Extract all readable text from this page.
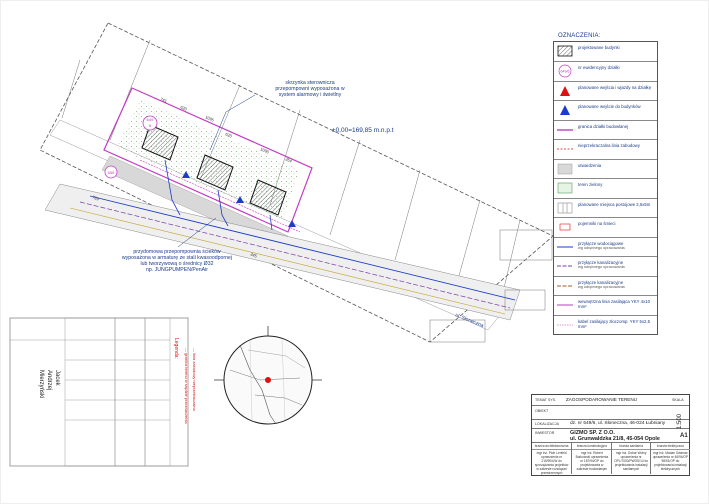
649
6
655
ul. Słoneczna
741
620
1095
620
1090
354
739
345
skrzynka sterownicza
przepompowni wyposażona w
system alarmowy i świetlny
±0,00=169,85 m.n.p.t
przydomowa przepompownia ścieków
wyposażona w armaturę ze stali kwasoodpornej
lub tworzywową o średnicy Ø32
np. JUNGPUMPEN/PenAir
Legenda: — granica terenu w rzędzie przeznaczenia — linia zabudowy nieprzekraczalna
Jacek
Andrzej
Mierzyński
OZNACZENIA:
projektowane budynki
649/6
nr ewidencyjny działki
planowane wejścia i wjazdy na działkę
planowane wejście do budynków
granica działki budowlanej
nieprzekraczalna linia zabudowy
utwardzenia
teren zielony
planowane miejsca postojowe 2,5x5m
pojemniki na śmieci
przyłącze wodociągowe
wg odrębnego opracowania
przyłącze kanalizacyjne
wg odrębnego opracowania
przyłącze kanalizacyjne
wg odrębnego opracowania
wewnętrzna linia zasilająca YKY 4x10 mm²
kabel zasilający złoczomp. YKY 5x2,5 mm²
TEMAT SYS. ZAGOSPODAROWANIE TERENU	SKALA
OBIEKT
LOKALIZACJA dz. nr 649/6, ul. Słoneczna, 46-024 Łubniany
INWESTOR	GIZMO SP. Z O.O.
ul. Grunwaldzka 21/8, 45-054 Opole
1:500
A1
branża architektoniczna
mgr inż. Piotr Lenfeld uprawnienia nr 215/90/UW do sporządzania projektów w zakresie rozwiązań przestrzennych
branża konstrukcyjna
mgr inż. Robert Borkowski uprawnienia nr 187/94/OP do projektowania w zakresie budowlanym
branża sanitarna
mgr inż. Dobar Wolny uprawnienia nr OPL/7000/PWOS/14 do projektowania instalacji sanitarnych
branża elektryczna
mgr inż. Marian Szłamar uprawnienia nr 46/94/OP 98/91/OP do projektowania instalacji elektrycznych
